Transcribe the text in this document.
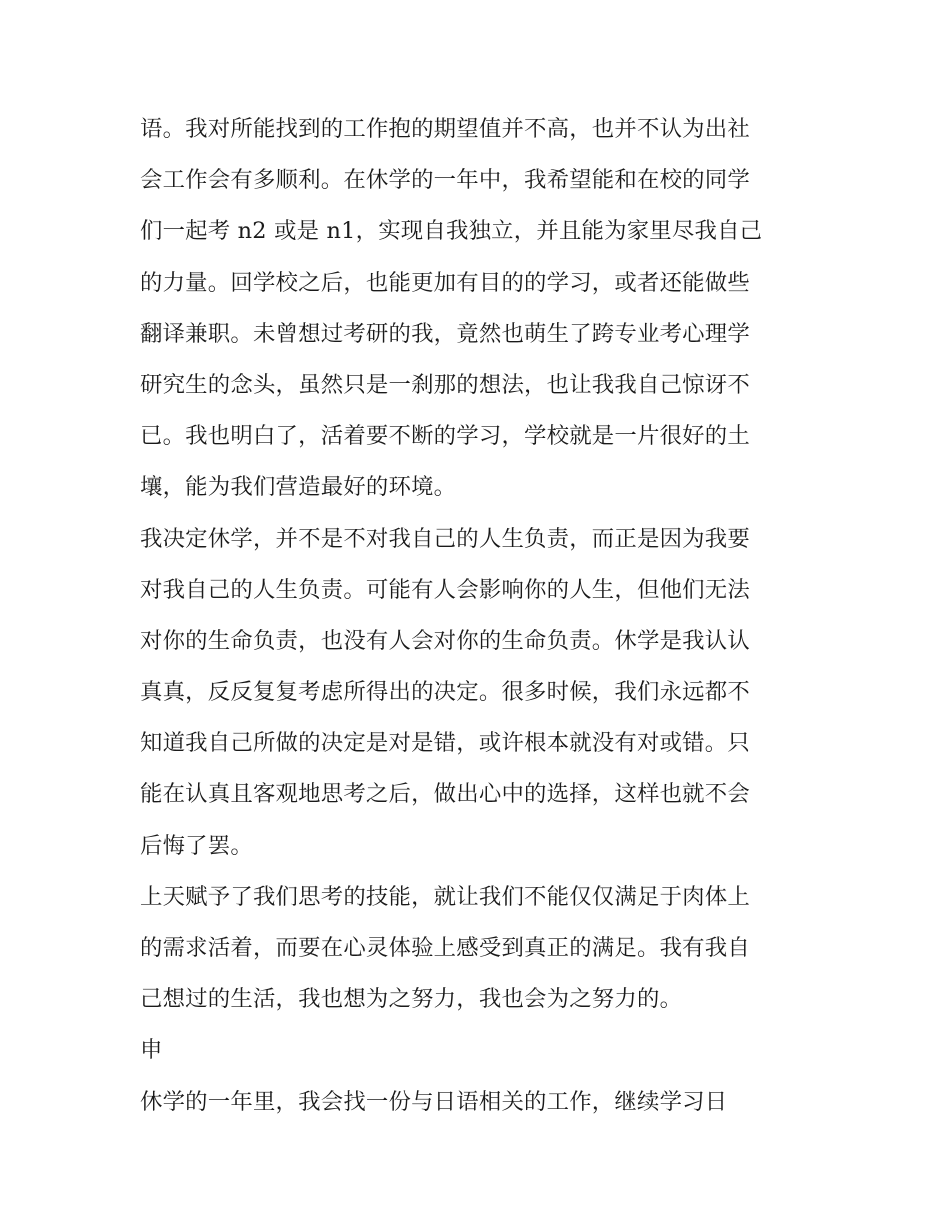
语。我对所能找到的工作抱的期望值并不高，也并不认为出社
会工作会有多顺利。在休学的一年中，我希望能和在校的同学
们一起考 n2 或是 n1，实现自我独立，并且能为家里尽我自己
的力量。回学校之后，也能更加有目的的学习，或者还能做些
翻译兼职。未曾想过考研的我，竟然也萌生了跨专业考心理学
研究生的念头，虽然只是一刹那的想法，也让我我自己惊讶不
已。我也明白了，活着要不断的学习，学校就是一片很好的土
壤，能为我们营造最好的环境。

我决定休学，并不是不对我自己的人生负责，而正是因为我要
对我自己的人生负责。可能有人会影响你的人生，但他们无法
对你的生命负责，也没有人会对你的生命负责。休学是我认认
真真，反反复复考虑所得出的决定。很多时候，我们永远都不
知道我自己所做的决定是对是错，或许根本就没有对或错。只
能在认真且客观地思考之后，做出心中的选择，这样也就不会
后悔了罢。

上天赋予了我们思考的技能，就让我们不能仅仅满足于肉体上
的需求活着，而要在心灵体验上感受到真正的满足。我有我自
己想过的生活，我也想为之努力，我也会为之努力的。

申

休学的一年里，我会找一份与日语相关的工作，继续学习日
